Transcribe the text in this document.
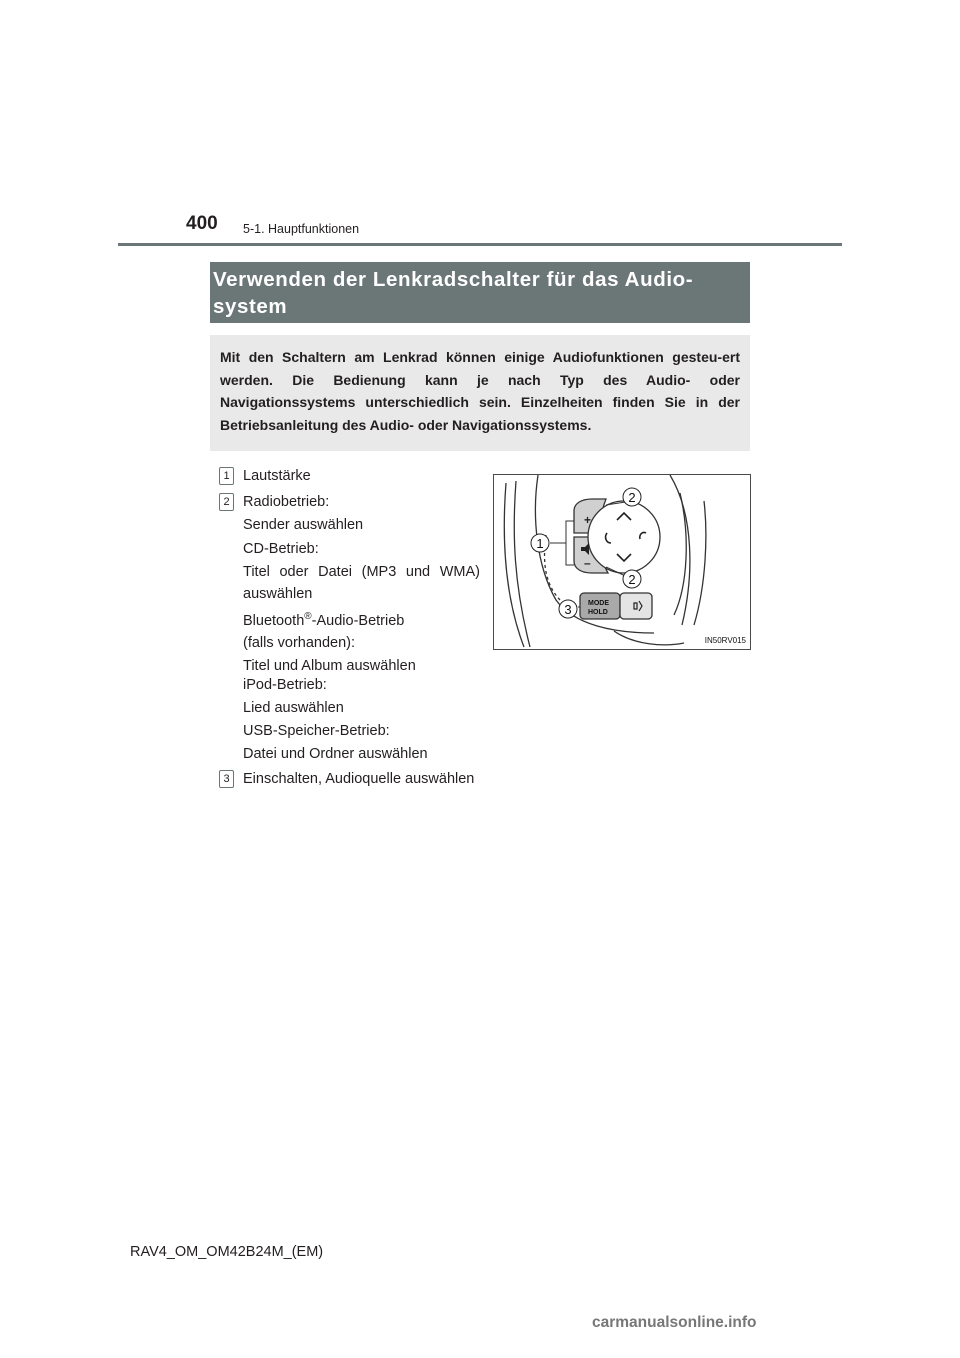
400 5-1. Hauptfunktionen
Verwenden der Lenkradschalter für das Audio-
system
Mit den Schaltern am Lenkrad können einige Audiofunktionen gesteu-ert werden. Die Bedienung kann je nach Typ des Audio- oder Navigationssystems unterschiedlich sein. Einzelheiten finden Sie in der Betriebsanleitung des Audio- oder Navigationssystems.
1 Lautstärke
2 Radiobetrieb:
Sender auswählen
CD-Betrieb:
Titel oder Datei (MP3 und WMA)
auswählen
Bluetooth®-Audio-Betrieb
(falls vorhanden):
Titel und Album auswählen
iPod-Betrieb:
Lied auswählen
USB-Speicher-Betrieb:
Datei und Ordner auswählen
3 Einschalten, Audioquelle auswählen
+
–
MODE
HOLD
1
2
2
3
IN50RV015
RAV4_OM_OM42B24M_(EM)
carmanualsonline.info
